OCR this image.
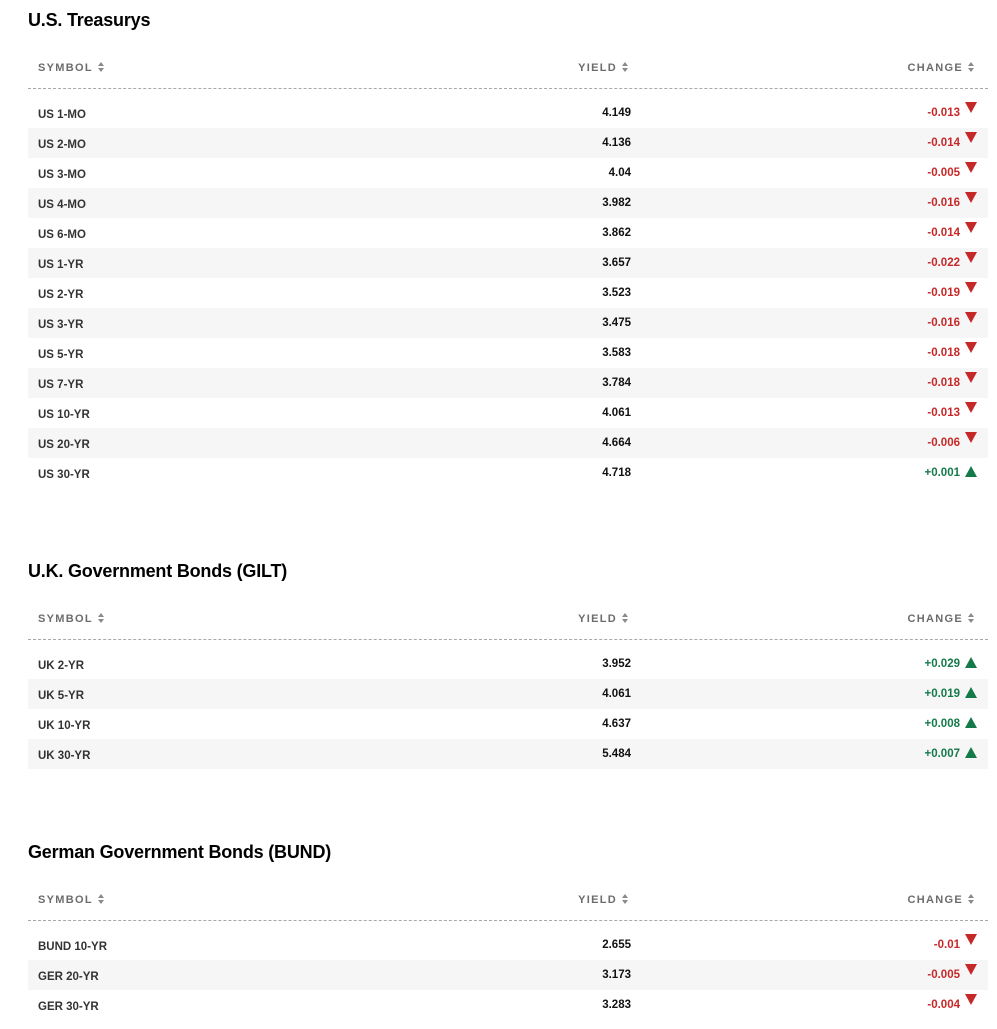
U.S. Treasurys
SYMBOL	YIELD	CHANGE
US 1-MO	4.149	-0.013
US 2-MO	4.136	-0.014
US 3-MO	4.04	-0.005
US 4-MO	3.982	-0.016
US 6-MO	3.862	-0.014
US 1-YR	3.657	-0.022
US 2-YR	3.523	-0.019
US 3-YR	3.475	-0.016
US 5-YR	3.583	-0.018
US 7-YR	3.784	-0.018
US 10-YR	4.061	-0.013
US 20-YR	4.664	-0.006
US 30-YR	4.718	+0.001
U.K. Government Bonds (GILT)
SYMBOL	YIELD	CHANGE
UK 2-YR	3.952	+0.029
UK 5-YR	4.061	+0.019
UK 10-YR	4.637	+0.008
UK 30-YR	5.484	+0.007
German Government Bonds (BUND)
SYMBOL	YIELD	CHANGE
BUND 10-YR	2.655	-0.01
GER 20-YR	3.173	-0.005
GER 30-YR	3.283	-0.004
